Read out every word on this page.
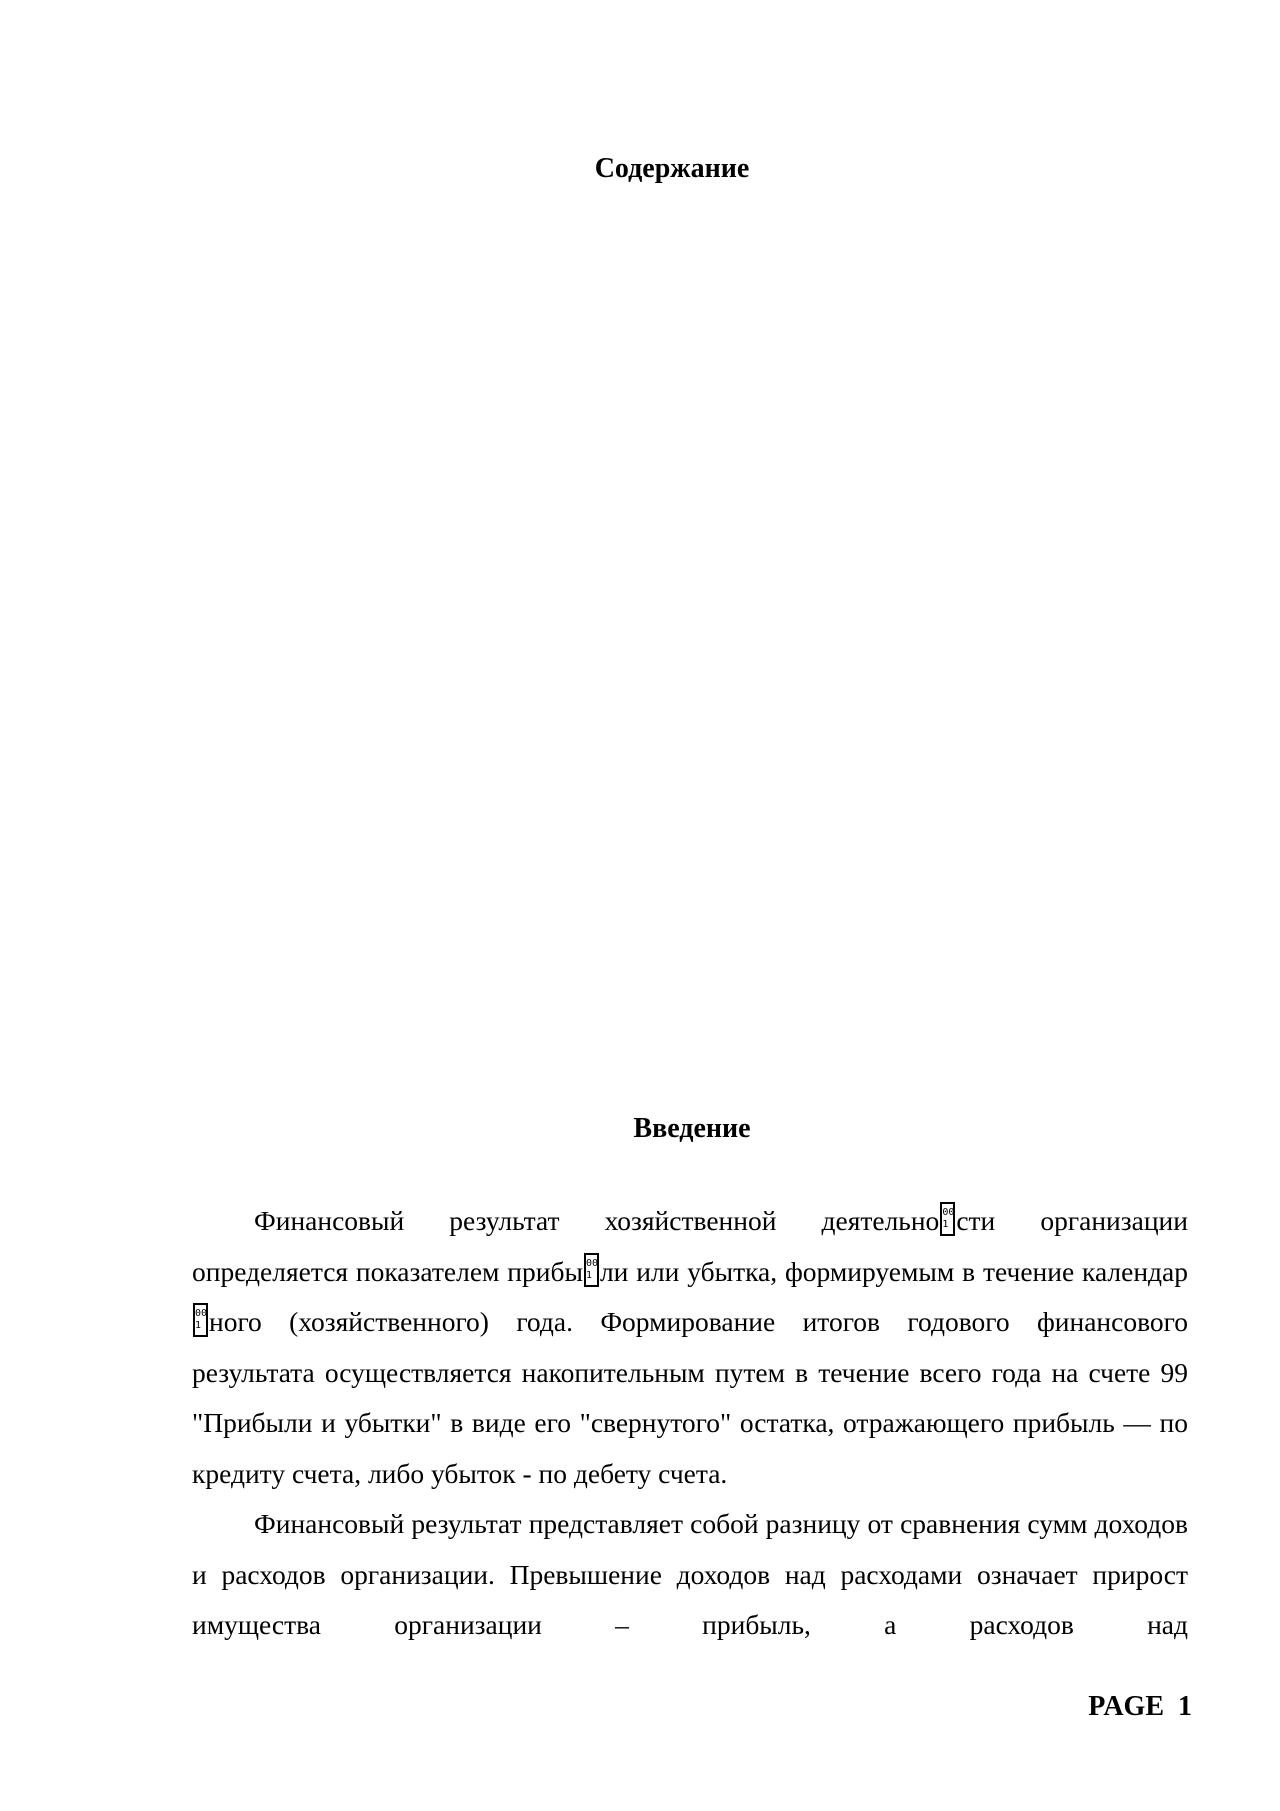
Содержание
Введение

Финансовый результат хозяйственной деятельно 00
1 сти организации определяется показателем прибы 00
1 ли или убытка, формируемым в течение календар
00
1 ного (хозяйственного) года. Формирование итогов годового финансового результата осуществляется накопительным путем в течение всего года на счете 99 "Прибыли и убытки" в виде его "свернутого" остатка, отражающего прибыль — по кредиту счета, либо убыток - по дебету счета.

Финансовый результат представляет собой разницу от сравнения сумм доходов и расходов организации. Превышение доходов над расходами означает прирост имущества организации – прибыль, а расходов над

PAGE  1
